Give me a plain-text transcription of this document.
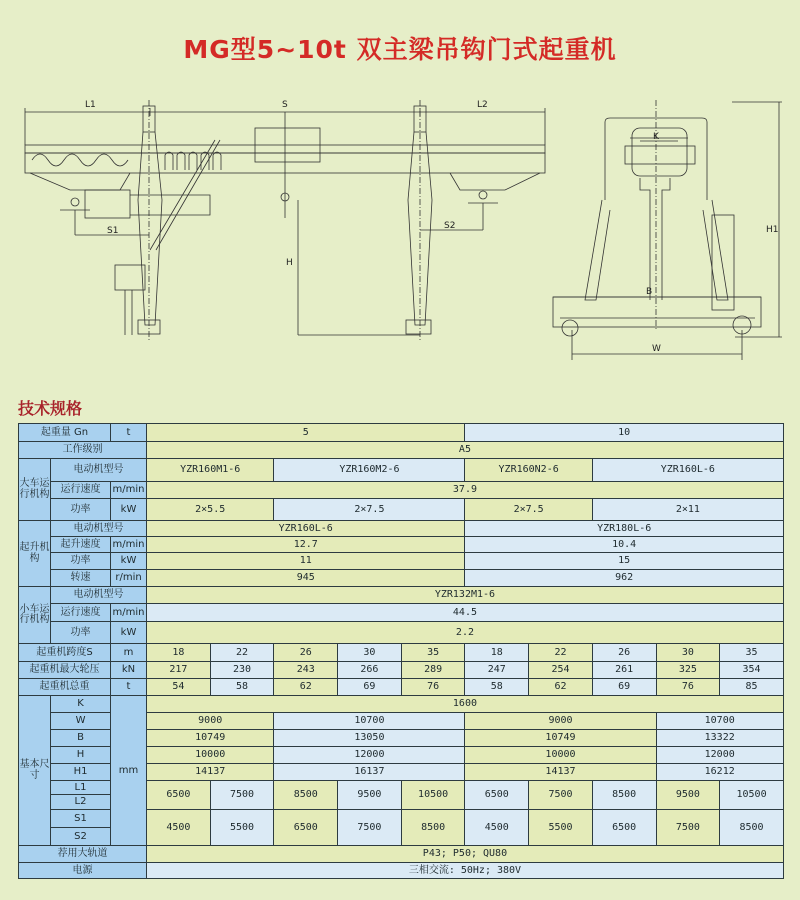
MG型5~10t 双主梁吊钩门式起重机
L1	S	L2
S1	S2
H
K
B
W
H1
技术规格
起重量 Gn		t	5					10				
工作级别			A5									
大车运行机构	电动机型号		YZR160M1-6		YZR160M2-6			YZR160N2-6		YZR160L-6		
	运行速度	m/min	37.9									
	功率	kW	2×5.5		2×7.5			2×7.5		2×11		
起升机构	电动机型号		YZR160L-6					YZR180L-6				
	起升速度	m/min	12.7					10.4				
	功率	kW	11					15				
	转速	r/min	945					962				
小车运行机构	电动机型号		YZR132M1-6									
	运行速度	m/min	44.5									
	功率	kW	2.2									
起重机跨度S		m	18	22	26	30	35	18	22	26	30	35
起重机最大轮压		kN	217	230	243	266	289	247	254	261	325	354
起重机总重		t	54	58	62	69	76	58	62	69	76	85
基本尺寸	K	mm	1600									
	W		9000		10700			9000			10700	
	B		10749		13050			10749			13322	
	H		10000		12000			10000			12000	
	H1		14137		16137			14137			16212	
	L1		6500	7500	8500	9500	10500	6500	7500	8500	9500	10500
	L2											
	S1		4500	5500	6500	7500	8500	4500	5500	6500	7500	8500
	S2											
荐用大轨道			P43; P50; QU80									
电源			三相交流: 50Hz; 380V									
